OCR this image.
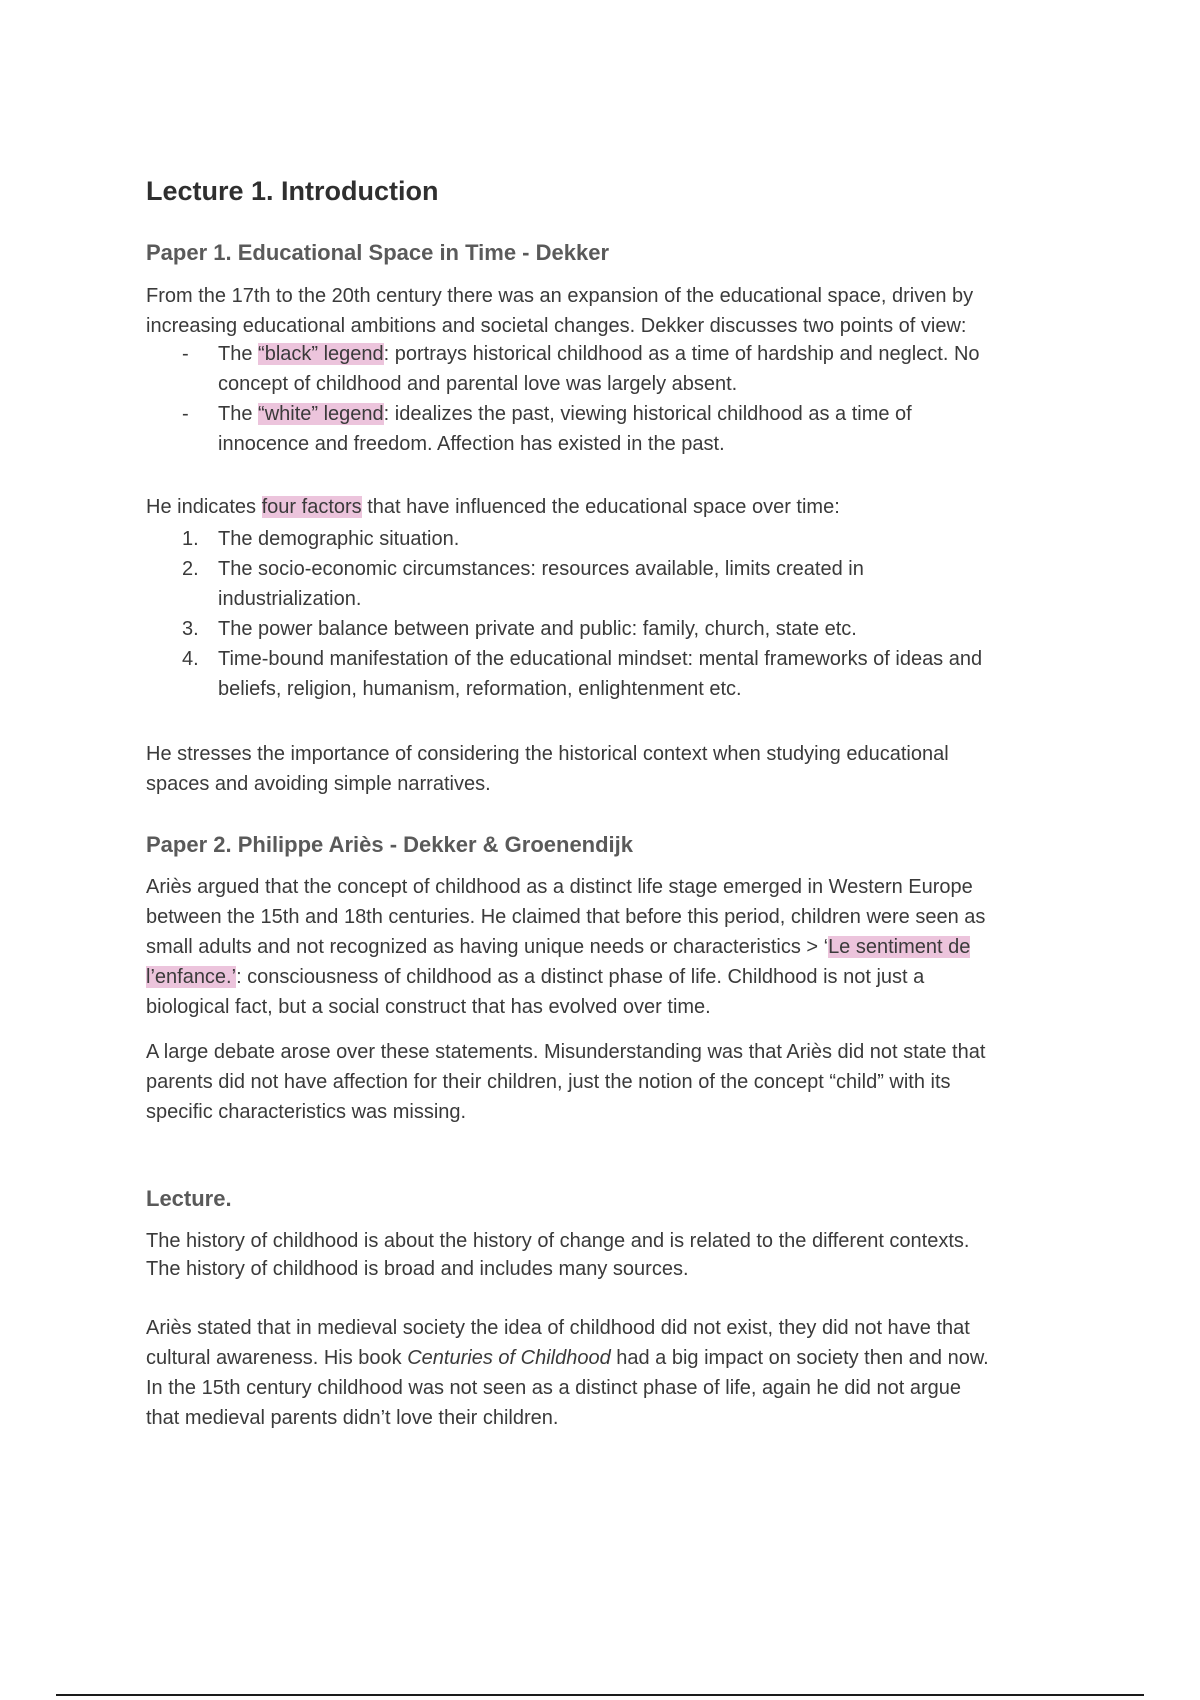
Lecture 1. Introduction
Paper 1. Educational Space in Time - Dekker
From the 17th to the 20th century there was an expansion of the educational space, driven by
increasing educational ambitions and societal changes. Dekker discusses two points of view:
- The “black” legend: portrays historical childhood as a time of hardship and neglect. No
concept of childhood and parental love was largely absent.
- The “white” legend: idealizes the past, viewing historical childhood as a time of
innocence and freedom. Affection has existed in the past.
He indicates four factors that have influenced the educational space over time:
1. The demographic situation.
2. The socio-economic circumstances: resources available, limits created in
industrialization.
3. The power balance between private and public: family, church, state etc.
4. Time-bound manifestation of the educational mindset: mental frameworks of ideas and
beliefs, religion, humanism, reformation, enlightenment etc.
He stresses the importance of considering the historical context when studying educational
spaces and avoiding simple narratives.
Paper 2. Philippe Ariès - Dekker & Groenendijk
Ariès argued that the concept of childhood as a distinct life stage emerged in Western Europe
between the 15th and 18th centuries. He claimed that before this period, children were seen as
small adults and not recognized as having unique needs or characteristics > ‘Le sentiment de
l’enfance.’: consciousness of childhood as a distinct phase of life. Childhood is not just a
biological fact, but a social construct that has evolved over time.
A large debate arose over these statements. Misunderstanding was that Ariès did not state that
parents did not have affection for their children, just the notion of the concept “child” with its
specific characteristics was missing.
Lecture.
The history of childhood is about the history of change and is related to the different contexts.
The history of childhood is broad and includes many sources.
Ariès stated that in medieval society the idea of childhood did not exist, they did not have that
cultural awareness. His book Centuries of Childhood had a big impact on society then and now.
In the 15th century childhood was not seen as a distinct phase of life, again he did not argue
that medieval parents didn’t love their children.
